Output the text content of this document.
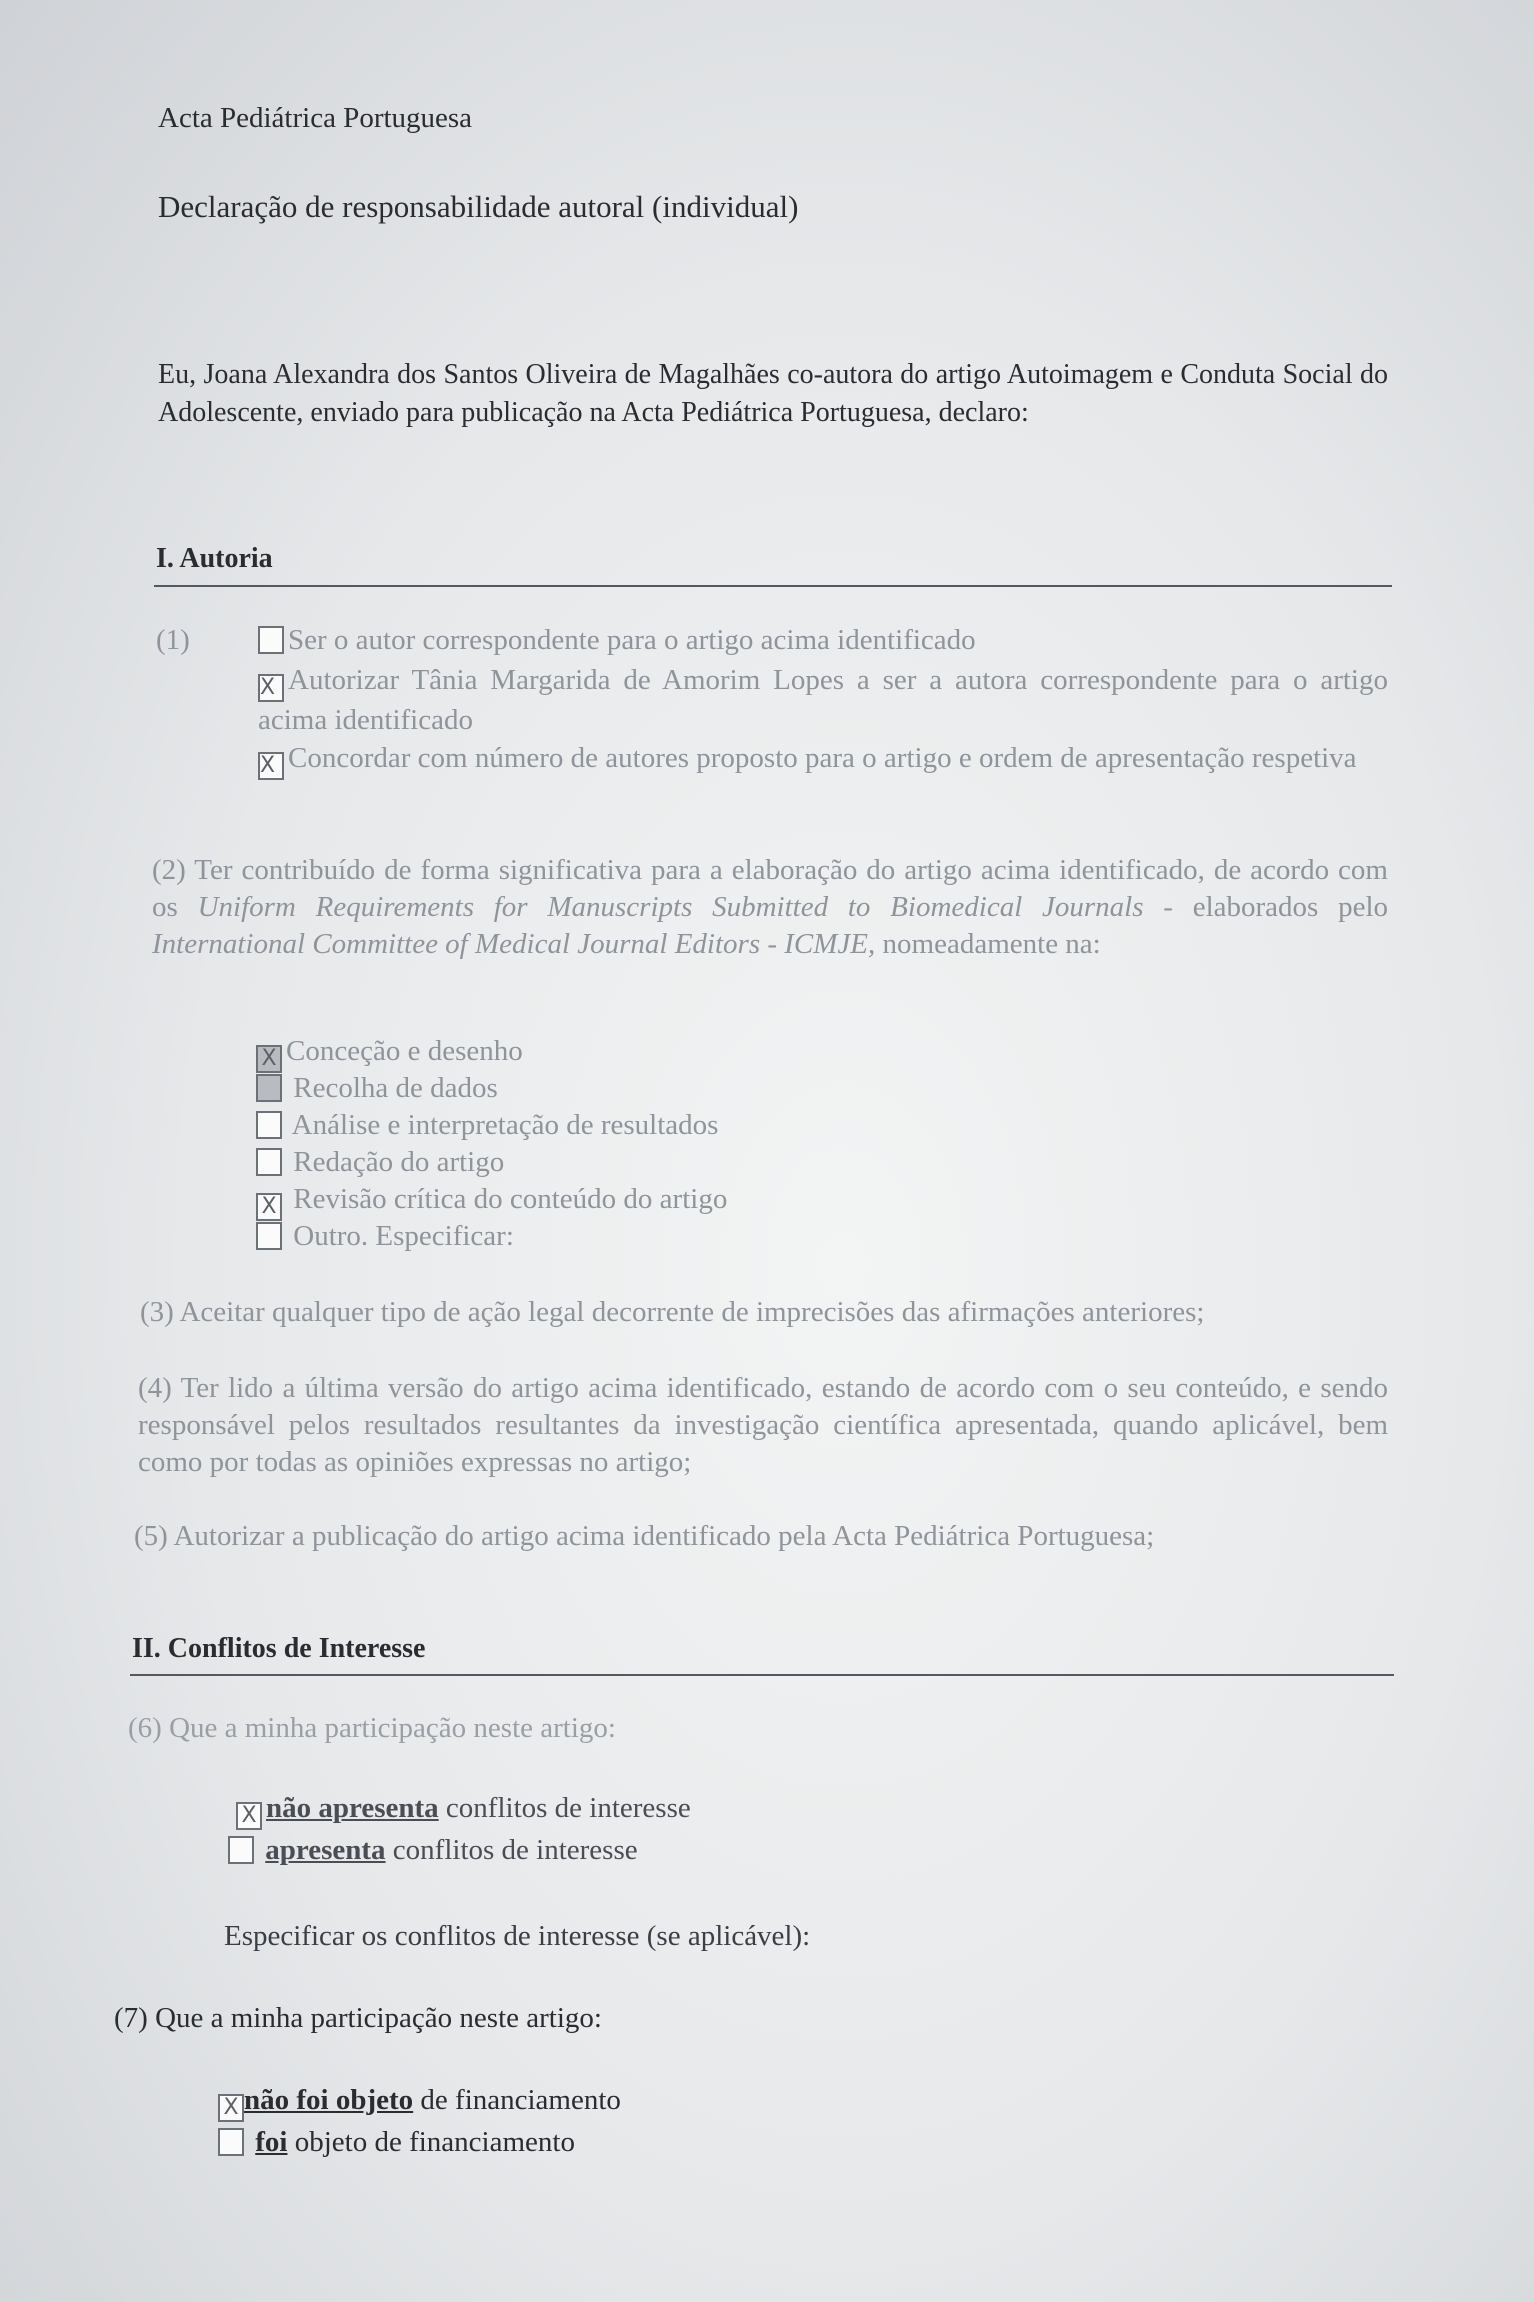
Acta Pediátrica Portuguesa
Declaração de responsabilidade autoral (individual)
Eu, Joana Alexandra dos Santos Oliveira de Magalhães co-autora do artigo Autoimagem e Conduta Social do Adolescente, enviado para publicação na Acta Pediátrica Portuguesa, declaro:
I. Autoria
(1)	Ser o autor correspondente para o artigo acima identificado
XAutorizar Tânia Margarida de Amorim Lopes a ser a autora correspondente para o artigo acima identificado
XConcordar com número de autores proposto para o artigo e ordem de apresentação respetiva
(2) Ter contribuído de forma significativa para a elaboração do artigo acima identificado, de acordo com os Uniform Requirements for Manuscripts Submitted to Biomedical Journals - elaborados pelo International Committee of Medical Journal Editors - ICMJE, nomeadamente na:
XConceção e desenho
Recolha de dados
Análise e interpretação de resultados
Redação do artigo
X Revisão crítica do conteúdo do artigo
Outro. Especificar:
(3) Aceitar qualquer tipo de ação legal decorrente de imprecisões das afirmações anteriores;
(4) Ter lido a última versão do artigo acima identificado, estando de acordo com o seu conteúdo, e sendo responsável pelos resultados resultantes da investigação científica apresentada, quando aplicável, bem como por todas as opiniões expressas no artigo;
(5) Autorizar a publicação do artigo acima identificado pela Acta Pediátrica Portuguesa;
II. Conflitos de Interesse
(6) Que a minha participação neste artigo:
Xnão apresenta conflitos de interesse
apresenta conflitos de interesse
Especificar os conflitos de interesse (se aplicável):
(7) Que a minha participação neste artigo:
Xnão foi objeto de financiamento
foi objeto de financiamento
